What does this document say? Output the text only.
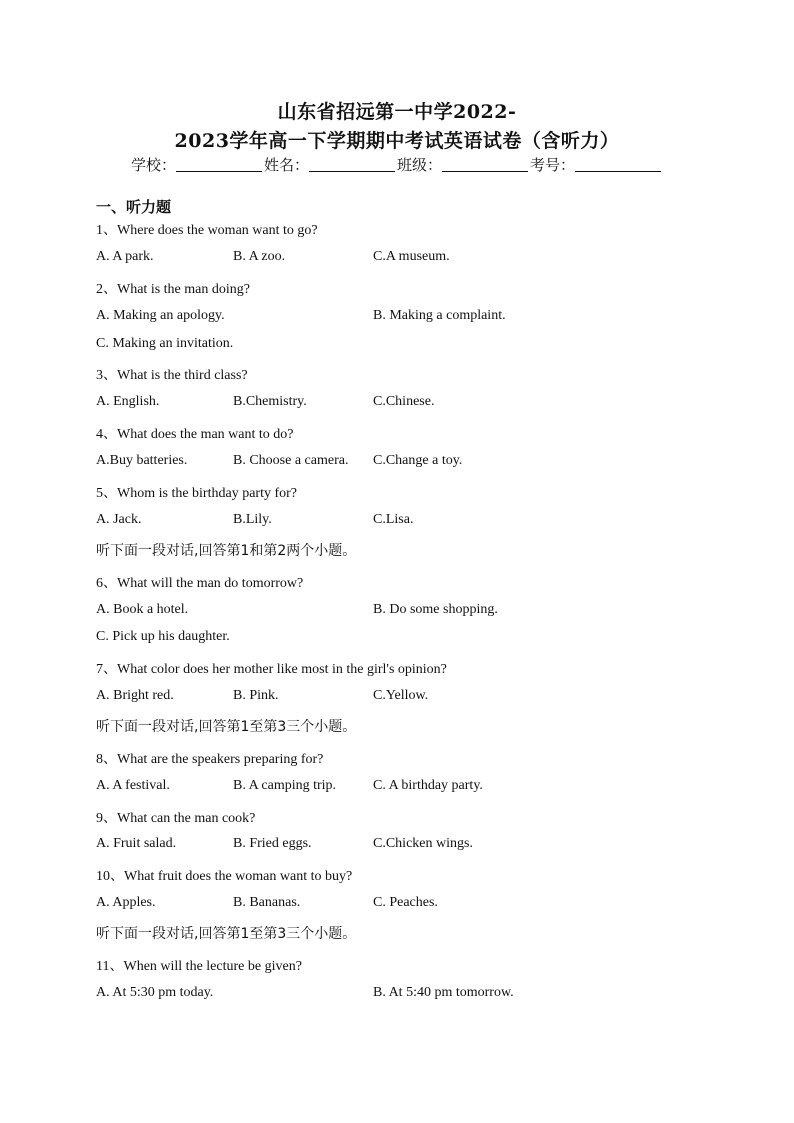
山东省招远第一中学2022-
2023学年高一下学期期中考试英语试卷（含听力）
学校：	姓名：	班级：	考号：
一、听力题
1、Where does the woman want to go?
A. A park.	B. A zoo.	C.A museum.
2、What is the man doing?
A. Making an apology.	B. Making a complaint.
C. Making an invitation.
3、What is the third class?
A. English.	B.Chemistry.	C.Chinese.
4、What does the man want to do?
A.Buy batteries.	B. Choose a camera. C.Change a toy.
5、Whom is the birthday party for?
A. Jack.	B.Lily.	C.Lisa.
听下面一段对话,回答第1和第2两个小题。
6、What will the man do tomorrow?
A. Book a hotel.	B. Do some shopping.
C. Pick up his daughter.
7、What color does her mother like most in the girl's opinion?
A. Bright red.	B. Pink.	C.Yellow.
听下面一段对话,回答第1至第3三个小题。
8、What are the speakers preparing for?
A. A festival.	B. A camping trip.	C. A birthday party.
9、What can the man cook?
A. Fruit salad.	B. Fried eggs.	C.Chicken wings.
10、What fruit does the woman want to buy?
A. Apples.	B. Bananas.	C. Peaches.
听下面一段对话,回答第1至第3三个小题。
11、When will the lecture be given?
A. At 5:30 pm today.	B. At 5:40 pm tomorrow.
